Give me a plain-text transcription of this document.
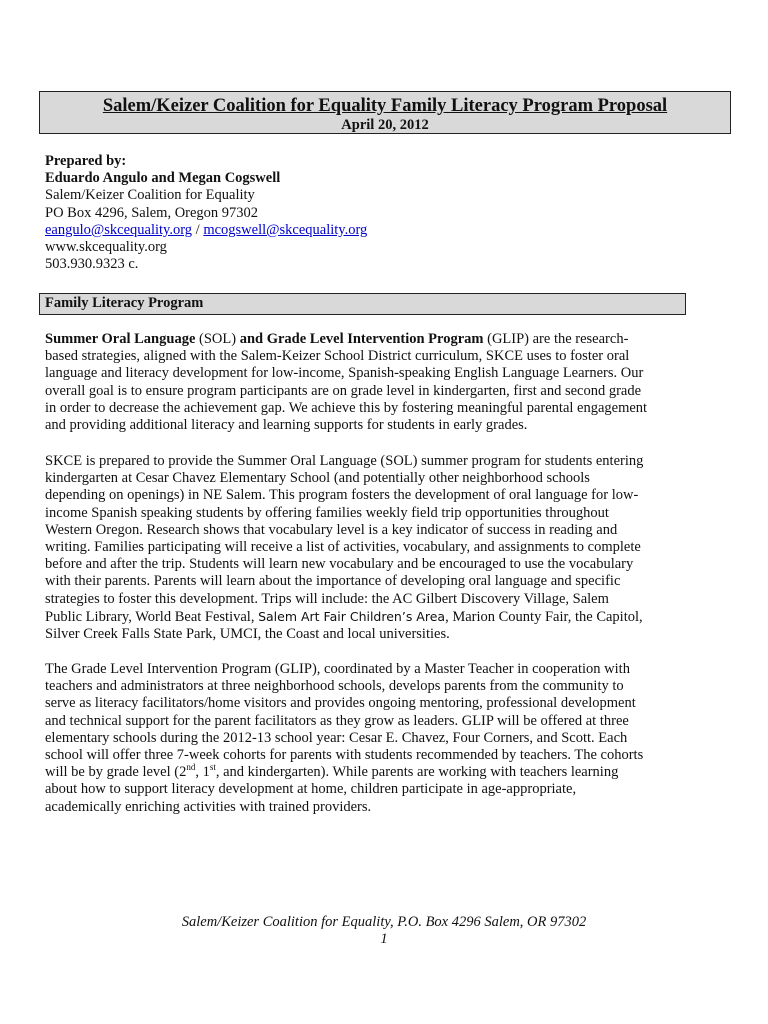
Salem/Keizer Coalition for Equality Family Literacy Program Proposal
April 20, 2012
Prepared by:
Eduardo Angulo and Megan Cogswell
Salem/Keizer Coalition for Equality
PO Box 4296, Salem, Oregon 97302
eangulo@skcequality.org / mcogswell@skcequality.org
www.skcequality.org
503.930.9323 c.
Family Literacy Program
Summer Oral Language (SOL) and Grade Level Intervention Program (GLIP) are the research-
based strategies, aligned with the Salem-Keizer School District curriculum, SKCE uses to foster oral
language and literacy development for low-income, Spanish-speaking English Language Learners. Our
overall goal is to ensure program participants are on grade level in kindergarten, first and second grade
in order to decrease the achievement gap. We achieve this by fostering meaningful parental engagement
and providing additional literacy and learning supports for students in early grades.
SKCE is prepared to provide the Summer Oral Language (SOL) summer program for students entering
kindergarten at Cesar Chavez Elementary School (and potentially other neighborhood schools
depending on openings) in NE Salem. This program fosters the development of oral language for low-
income Spanish speaking students by offering families weekly field trip opportunities throughout
Western Oregon. Research shows that vocabulary level is a key indicator of success in reading and
writing. Families participating will receive a list of activities, vocabulary, and assignments to complete
before and after the trip. Students will learn new vocabulary and be encouraged to use the vocabulary
with their parents. Parents will learn about the importance of developing oral language and specific
strategies to foster this development. Trips will include: the AC Gilbert Discovery Village, Salem
Public Library, World Beat Festival, Salem Art Fair Children’s Area, Marion County Fair, the Capitol,
Silver Creek Falls State Park, UMCI, the Coast and local universities.
The Grade Level Intervention Program (GLIP), coordinated by a Master Teacher in cooperation with
teachers and administrators at three neighborhood schools, develops parents from the community to
serve as literacy facilitators/home visitors and provides ongoing mentoring, professional development
and technical support for the parent facilitators as they grow as leaders. GLIP will be offered at three
elementary schools during the 2012-13 school year: Cesar E. Chavez, Four Corners, and Scott. Each
school will offer three 7-week cohorts for parents with students recommended by teachers. The cohorts
will be by grade level (2nd, 1st, and kindergarten). While parents are working with teachers learning
about how to support literacy development at home, children participate in age-appropriate,
academically enriching activities with trained providers.
Salem/Keizer Coalition for Equality, P.O. Box 4296 Salem, OR 97302
1
